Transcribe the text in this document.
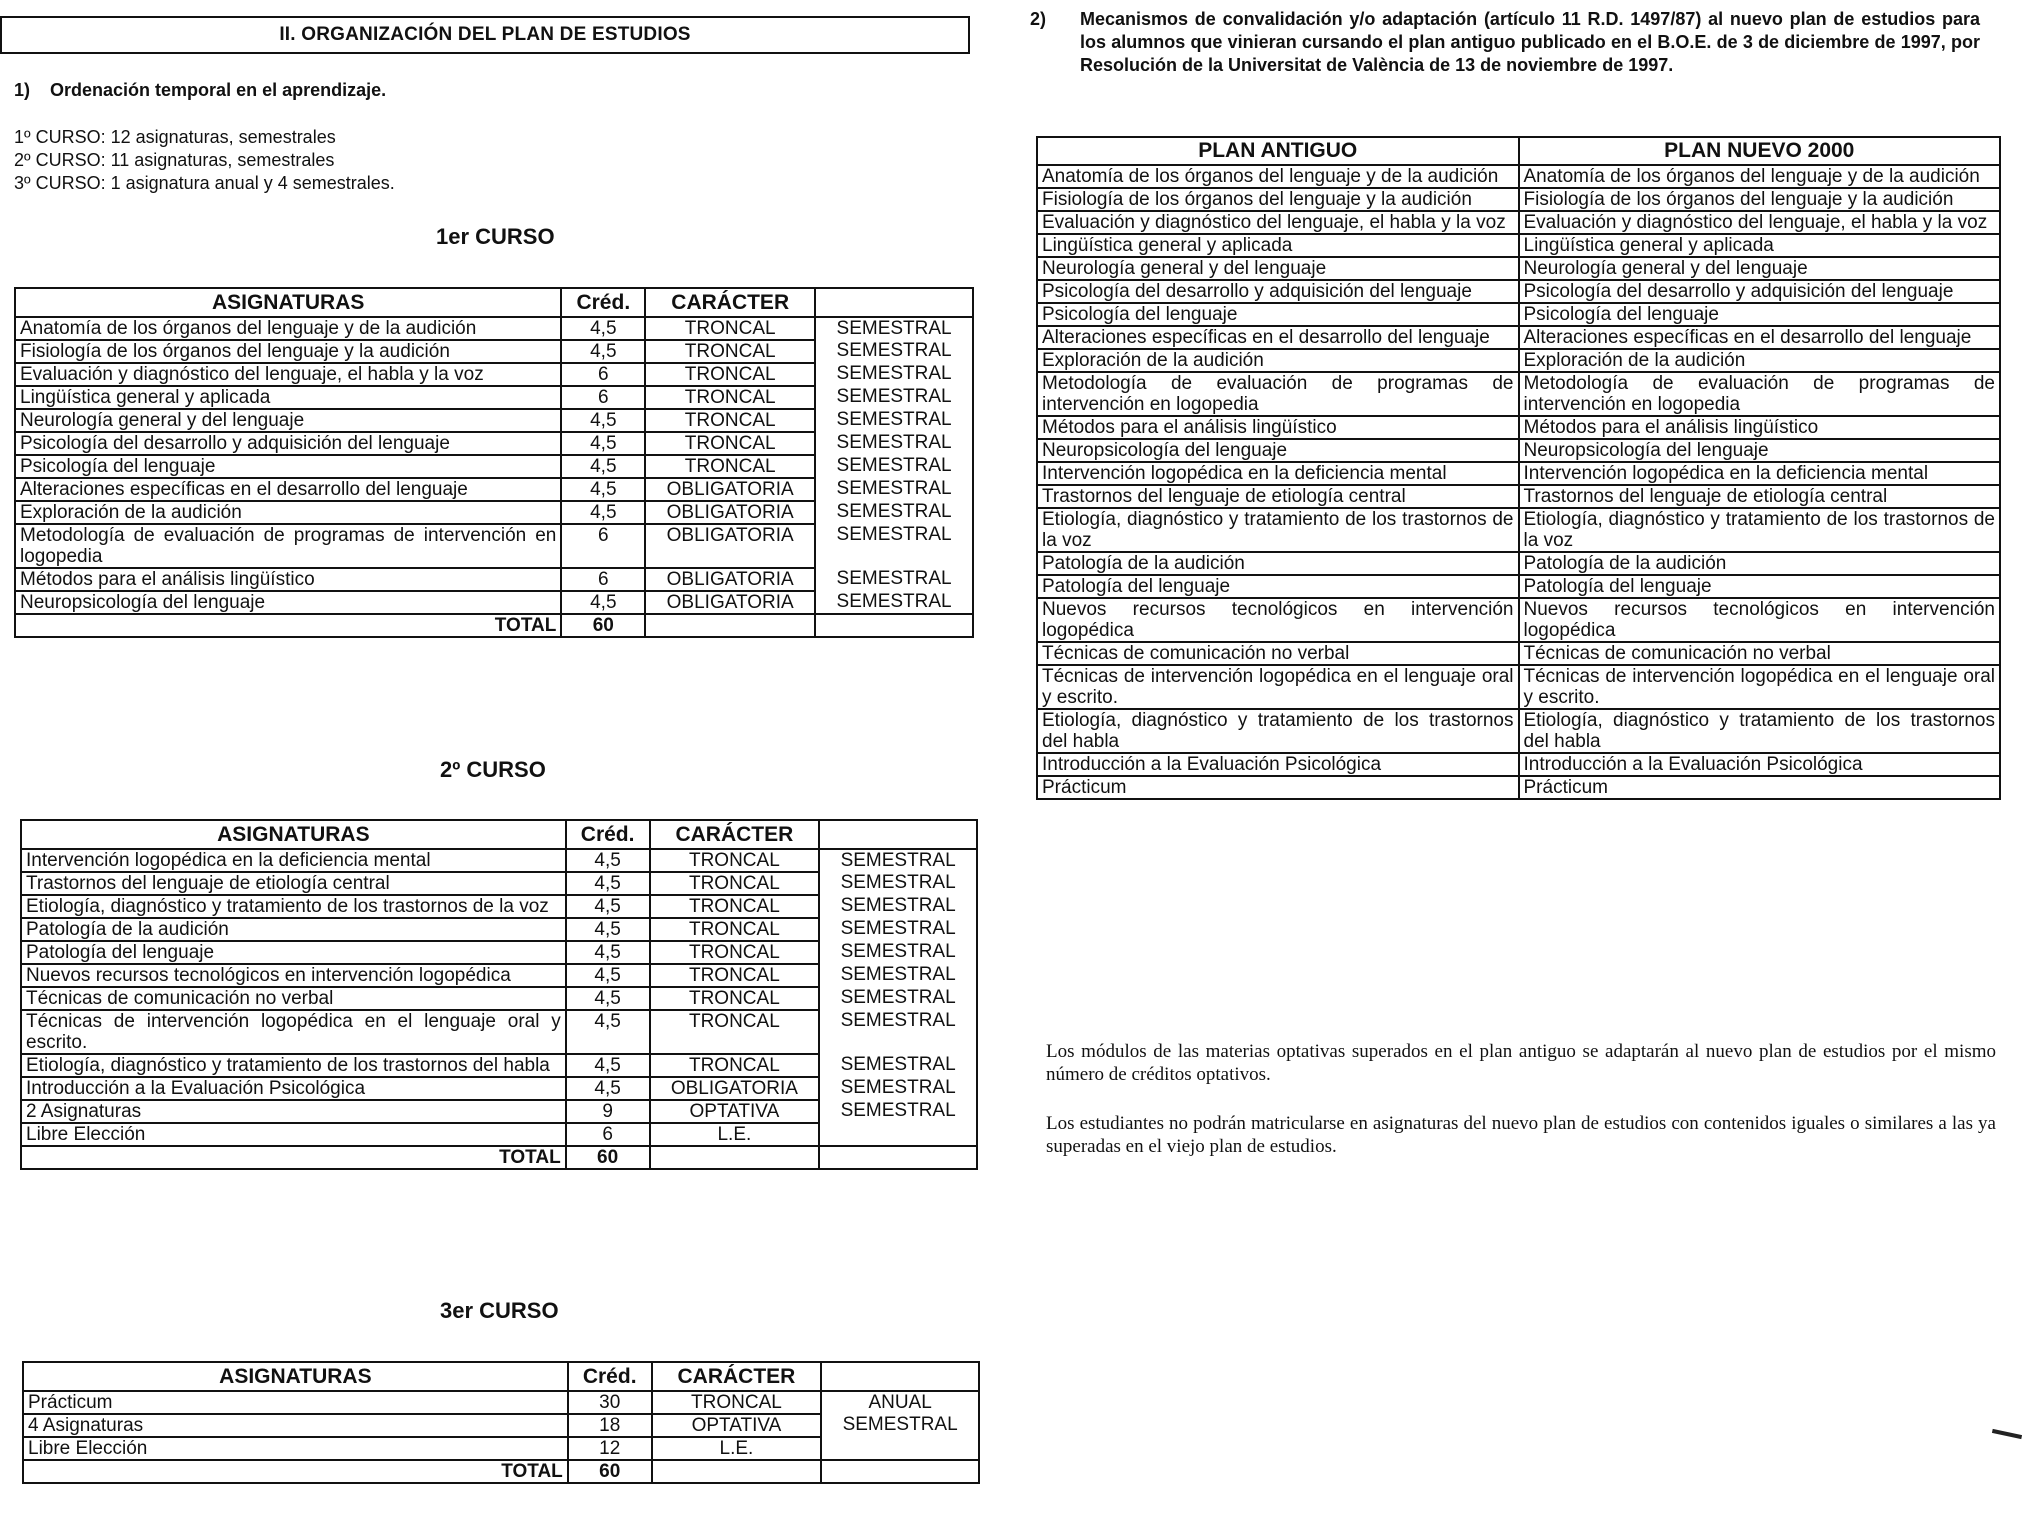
II. ORGANIZACIÓN DEL PLAN DE ESTUDIOS
1) Ordenación temporal en el aprendizaje.
1º CURSO: 12 asignaturas, semestrales
2º CURSO: 11 asignaturas, semestrales
3º CURSO: 1 asignatura anual y 4 semestrales.
1er CURSO
ASIGNATURAS	Créd.	CARÁCTER	
Anatomía de los órganos del lenguaje y de la audición	4,5	TRONCAL	SEMESTRAL
Fisiología de los órganos del lenguaje y la audición	4,5	TRONCAL	SEMESTRAL
Evaluación y diagnóstico del lenguaje, el habla y la voz	6	TRONCAL	SEMESTRAL
Lingüística general y aplicada	6	TRONCAL	SEMESTRAL
Neurología general y del lenguaje	4,5	TRONCAL	SEMESTRAL
Psicología del desarrollo y adquisición del lenguaje	4,5	TRONCAL	SEMESTRAL
Psicología del lenguaje	4,5	TRONCAL	SEMESTRAL
Alteraciones específicas en el desarrollo del lenguaje	4,5	OBLIGATORIA	SEMESTRAL
Exploración de la audición	4,5	OBLIGATORIA	SEMESTRAL
Metodología de evaluación de programas de intervención en logopedia	6	OBLIGATORIA	SEMESTRAL
Métodos para el análisis lingüístico	6	OBLIGATORIA	SEMESTRAL
Neuropsicología del lenguaje	4,5	OBLIGATORIA	SEMESTRAL
TOTAL	60		
2º CURSO
ASIGNATURAS	Créd.	CARÁCTER	
Intervención logopédica en la deficiencia mental	4,5	TRONCAL	SEMESTRAL
Trastornos del lenguaje de etiología central	4,5	TRONCAL	SEMESTRAL
Etiología, diagnóstico y tratamiento de los trastornos de la voz	4,5	TRONCAL	SEMESTRAL
Patología de la audición	4,5	TRONCAL	SEMESTRAL
Patología del lenguaje	4,5	TRONCAL	SEMESTRAL
Nuevos recursos tecnológicos en intervención logopédica	4,5	TRONCAL	SEMESTRAL
Técnicas de comunicación no verbal	4,5	TRONCAL	SEMESTRAL
Técnicas de intervención logopédica en el lenguaje oral y escrito.	4,5	TRONCAL	SEMESTRAL
Etiología, diagnóstico y tratamiento de los trastornos del habla	4,5	TRONCAL	SEMESTRAL
Introducción a la Evaluación Psicológica	4,5	OBLIGATORIA	SEMESTRAL
2 Asignaturas	9	OPTATIVA	SEMESTRAL
Libre Elección	6	L.E.	
TOTAL	60		
3er CURSO
ASIGNATURAS	Créd.	CARÁCTER	
Prácticum	30	TRONCAL	ANUAL
4 Asignaturas	18	OPTATIVA	SEMESTRAL
Libre Elección	12	L.E.	
TOTAL	60		
2) Mecanismos de convalidación y/o adaptación (artículo 11 R.D. 1497/87) al nuevo plan de estudios para los alumnos que vinieran cursando el plan antiguo publicado en el B.O.E. de 3 de diciembre de 1997, por Resolución de la Universitat de València de 13 de noviembre de 1997.
PLAN ANTIGUO	PLAN NUEVO 2000
Anatomía de los órganos del lenguaje y de la audición	Anatomía de los órganos del lenguaje y de la audición
Fisiología de los órganos del lenguaje y la audición	Fisiología de los órganos del lenguaje y la audición
Evaluación y diagnóstico del lenguaje, el habla y la voz	Evaluación y diagnóstico del lenguaje, el habla y la voz
Lingüística general y aplicada	Lingüística general y aplicada
Neurología general y del lenguaje	Neurología general y del lenguaje
Psicología del desarrollo y adquisición del lenguaje	Psicología del desarrollo y adquisición del lenguaje
Psicología del lenguaje	Psicología del lenguaje
Alteraciones específicas en el desarrollo del lenguaje	Alteraciones específicas en el desarrollo del lenguaje
Exploración de la audición	Exploración de la audición
Metodología de evaluación de programas de intervención en logopedia	Metodología de evaluación de programas de intervención en logopedia
Métodos para el análisis lingüístico	Métodos para el análisis lingüístico
Neuropsicología del lenguaje	Neuropsicología del lenguaje
Intervención logopédica en la deficiencia mental	Intervención logopédica en la deficiencia mental
Trastornos del lenguaje de etiología central	Trastornos del lenguaje de etiología central
Etiología, diagnóstico y tratamiento de los trastornos de la voz	Etiología, diagnóstico y tratamiento de los trastornos de la voz
Patología de la audición	Patología de la audición
Patología del lenguaje	Patología del lenguaje
Nuevos recursos tecnológicos en intervención logopédica	Nuevos recursos tecnológicos en intervención logopédica
Técnicas de comunicación no verbal	Técnicas de comunicación no verbal
Técnicas de intervención logopédica en el lenguaje oral y escrito.	Técnicas de intervención logopédica en el lenguaje oral y escrito.
Etiología, diagnóstico y tratamiento de los trastornos del habla	Etiología, diagnóstico y tratamiento de los trastornos del habla
Introducción a la Evaluación Psicológica	Introducción a la Evaluación Psicológica
Prácticum	Prácticum
Los módulos de las materias optativas superados en el plan antiguo se adaptarán al nuevo plan de estudios por el mismo número de créditos optativos.
Los estudiantes no podrán matricularse en asignaturas del nuevo plan de estudios con contenidos iguales o similares a las ya superadas en el viejo plan de estudios.
